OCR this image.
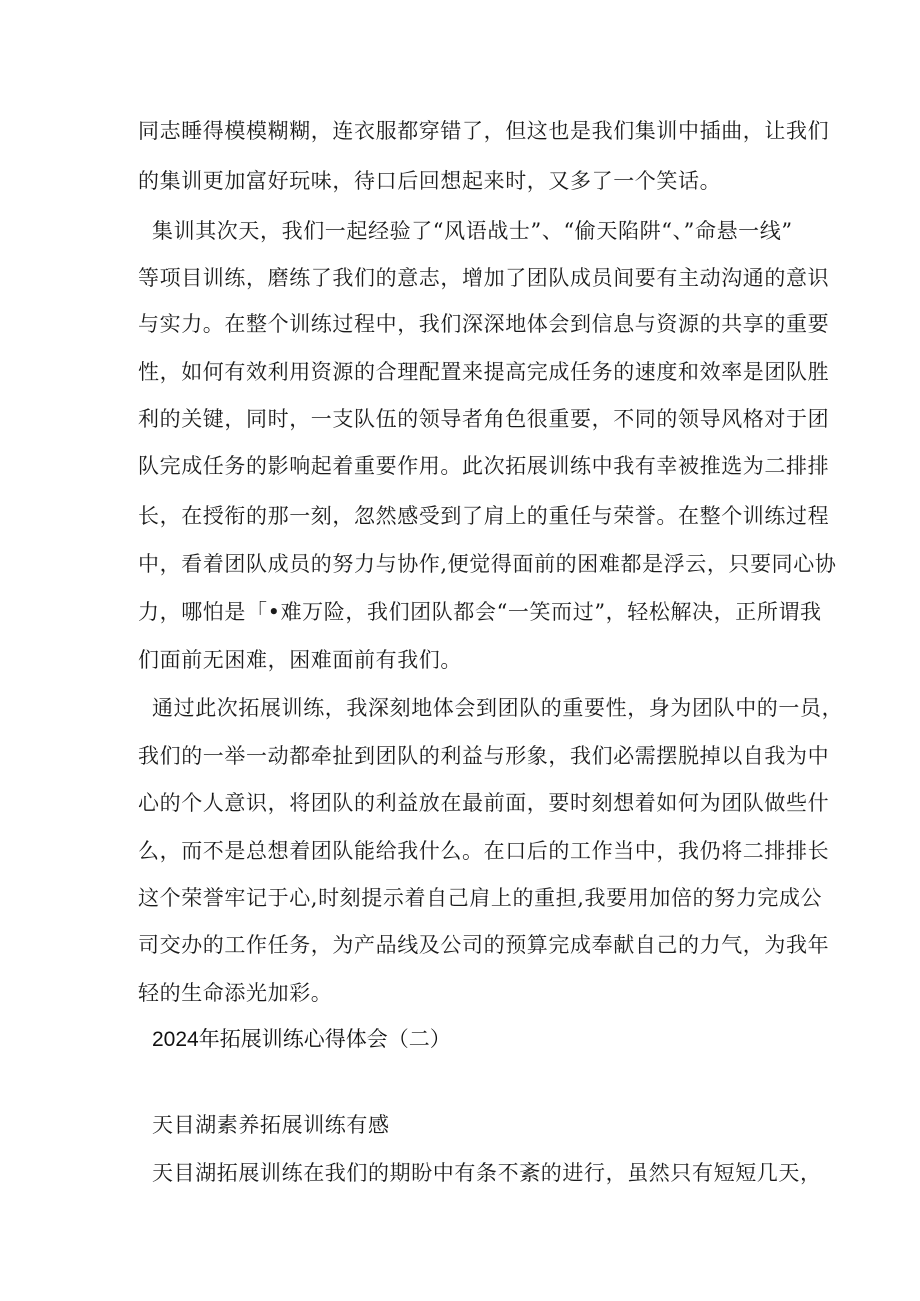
同志睡得模模糊糊，连衣服都穿错了，但这也是我们集训中插曲，让我们
的集训更加富好玩味，待口后回想起来时，又多了一个笑话。
集训其次天，我们一起经验了“风语战士”、“偷天陷阱“、”命悬一线”
等项目训练，磨练了我们的意志，增加了团队成员间要有主动沟通的意识
与实力。在整个训练过程中，我们深深地体会到信息与资源的共享的重要
性，如何有效利用资源的合理配置来提高完成任务的速度和效率是团队胜
利的关键，同时，一支队伍的领导者角色很重要，不同的领导风格对于团
队完成任务的影响起着重要作用。此次拓展训练中我有幸被推选为二排排
长，在授衔的那一刻，忽然感受到了肩上的重任与荣誉。在整个训练过程
中，看着团队成员的努力与协作,便觉得面前的困难都是浮云，只要同心协
力，哪怕是「•难万险，我们团队都会“一笑而过”，轻松解决，正所谓我
们面前无困难，困难面前有我们。
通过此次拓展训练，我深刻地体会到团队的重要性，身为团队中的一员，
我们的一举一动都牵扯到团队的利益与形象，我们必需摆脱掉以自我为中
心的个人意识，将团队的利益放在最前面，要时刻想着如何为团队做些什
么，而不是总想着团队能给我什么。在口后的工作当中，我仍将二排排长
这个荣誉牢记于心,时刻提示着自己肩上的重担,我要用加倍的努力完成公
司交办的工作任务，为产品线及公司的预算完成奉献自己的力气，为我年
轻的生命添光加彩。
2024年拓展训练心得体会（二）
天目湖素养拓展训练有感
天目湖拓展训练在我们的期盼中有条不紊的进行，虽然只有短短几天，
